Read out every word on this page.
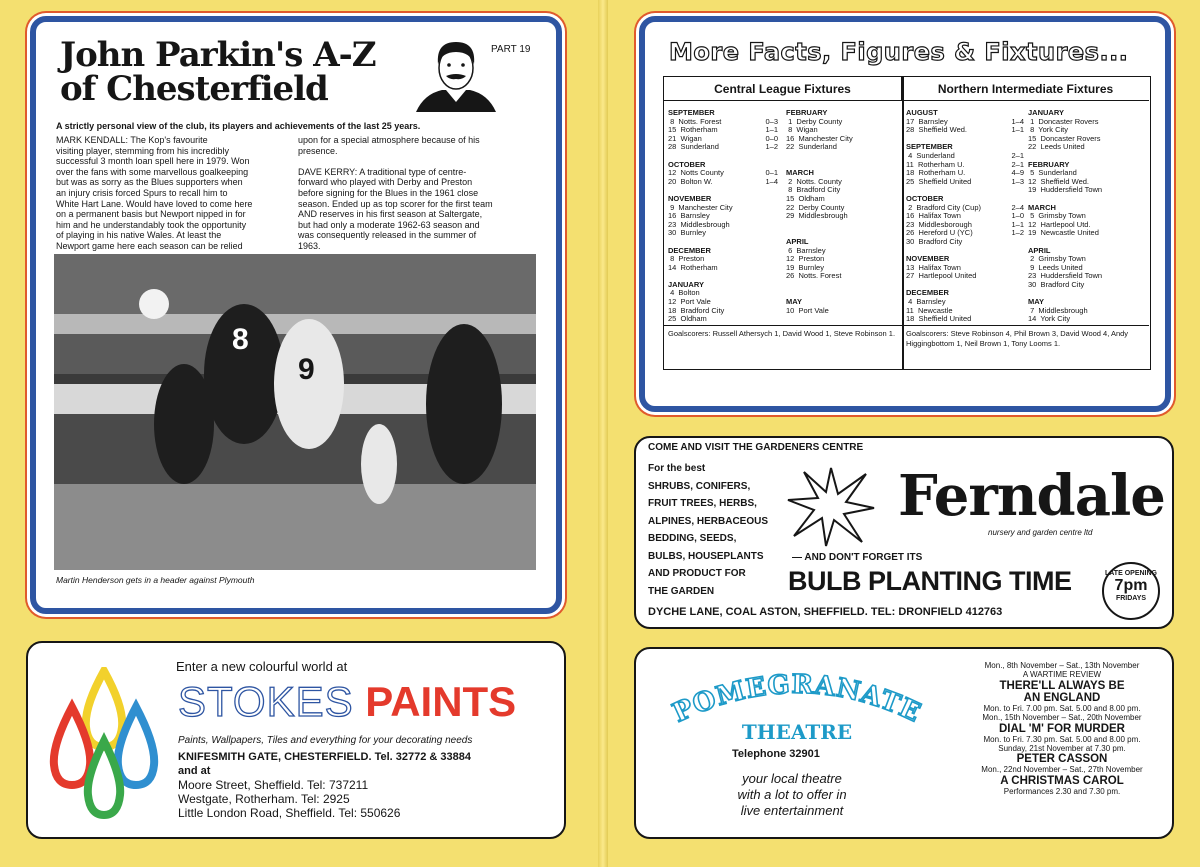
John Parkin's A-Z
of Chesterfield
PART 19
A strictly personal view of the club, its players and achievements of the last 25 years.
MARK KENDALL: The Kop's favourite
visiting player, stemming from his incredibly
successful 3 month loan spell here in 1979. Won
over the fans with some marvellous goalkeeping
but was as sorry as the Blues supporters when
an injury crisis forced Spurs to recall him to
White Hart Lane. Would have loved to come here
on a permanent basis but Newport nipped in for
him and he understandably took the opportunity
of playing in his native Wales. At least the
Newport game here each season can be relied
upon for a special atmosphere because of his
presence.
DAVE KERRY: A traditional type of centre-
forward who played with Derby and Preston
before signing for the Blues in the 1961 close
season. Ended up as top scorer for the first team
AND reserves in his first season at Saltergate,
but had only a moderate 1962-63 season and
was consequently released in the summer of
1963.
8
9
Martin Henderson gets in a header against Plymouth
More Facts, Figures & Fixtures...
Central League Fixtures	Northern Intermediate Fixtures
SEPTEMBER
8  Notts. Forest
15  Rotherham
21  Wigan
28  Sunderland
OCTOBER
12  Notts County
20  Bolton W.
NOVEMBER
9  Manchester City
16  Barnsley
23  Middlesbrough
30  Burnley
DECEMBER
8  Preston
14  Rotherham
JANUARY
4  Bolton
12  Port Vale
18  Bradford City
25  Oldham
0–3
1–1
0–0
1–2
0–1
1–4
FEBRUARY
1  Derby County
8  Wigan
16  Manchester City
22  Sunderland
MARCH
2  Notts. County
8  Bradford City
15  Oldham
22  Derby County
29  Middlesbrough
APRIL
6  Barnsley
12  Preston
19  Burnley
26  Notts. Forest
MAY
10  Port Vale
AUGUST
17  Barnsley
28  Sheffield Wed.
SEPTEMBER
4  Sunderland
11  Rotherham U.
18  Rotherham U.
25  Sheffield United
OCTOBER
2  Bradford City (Cup)
16  Halifax Town
23  Middlesborough
26  Hereford U (YC)
30  Bradford City
NOVEMBER
13  Halifax Town
27  Hartlepool United
DECEMBER
4  Barnsley
11  Newcastle
18  Sheffield United
1–4
1–1
2–1
2–1
4–9
1–3
2–4
1–0
1–1
1–2
JANUARY
1  Doncaster Rovers
8  York City
15  Doncaster Rovers
22  Leeds United
FEBRUARY
5  Sunderland
12  Sheffield Wed.
19  Huddersfield Town
MARCH
5  Grimsby Town
12  Hartlepool Utd.
19  Newcastle United
APRIL
2  Grimsby Town
9  Leeds United
23  Huddersfield Town
30  Bradford City
MAY
7  Middlesbrough
14  York City
Goalscorers: Russell Athersych 1, David Wood 1, Steve Robinson 1. Goalscorers: Steve Robinson 4, Phil Brown 3, David Wood 4, Andy Higgingbottom 1, Neil Brown 1, Tony Looms 1.
COME AND VISIT THE GARDENERS CENTRE
For the best
SHRUBS, CONIFERS,
FRUIT TREES, HERBS,
ALPINES, HERBACEOUS
BEDDING, SEEDS,
BULBS, HOUSEPLANTS
AND PRODUCT FOR
THE GARDEN
Ferndale
nursery and garden centre ltd
— AND DON'T FORGET ITS
BULB PLANTING TIME	LATE OPENING
7pm
FRIDAYS
DYCHE LANE, COAL ASTON, SHEFFIELD. TEL: DRONFIELD 412763
Enter a new colourful world at
STOKES PAINTS
Paints, Wallpapers, Tiles and everything for your decorating needs
KNIFESMITH GATE, CHESTERFIELD. Tel. 32772 & 33884
and at
Moore Street, Sheffield. Tel: 737211
Westgate, Rotherham. Tel: 2925
Little London Road, Sheffield. Tel: 550626
POMEGRANATE
THEATRE
Telephone 32901
your local theatre
with a lot to offer in
live entertainment
Mon., 8th November – Sat., 13th November
A WARTIME REVIEW
THERE'LL ALWAYS BE
AN ENGLAND
Mon. to Fri. 7.00 pm. Sat. 5.00 and 8.00 pm.
Mon., 15th November – Sat., 20th November
DIAL 'M' FOR MURDER
Mon. to Fri. 7.30 pm. Sat. 5.00 and 8.00 pm.
Sunday, 21st November at 7.30 pm.
PETER CASSON
Mon., 22nd November – Sat., 27th November
A CHRISTMAS CAROL
Performances 2.30 and 7.30 pm.
